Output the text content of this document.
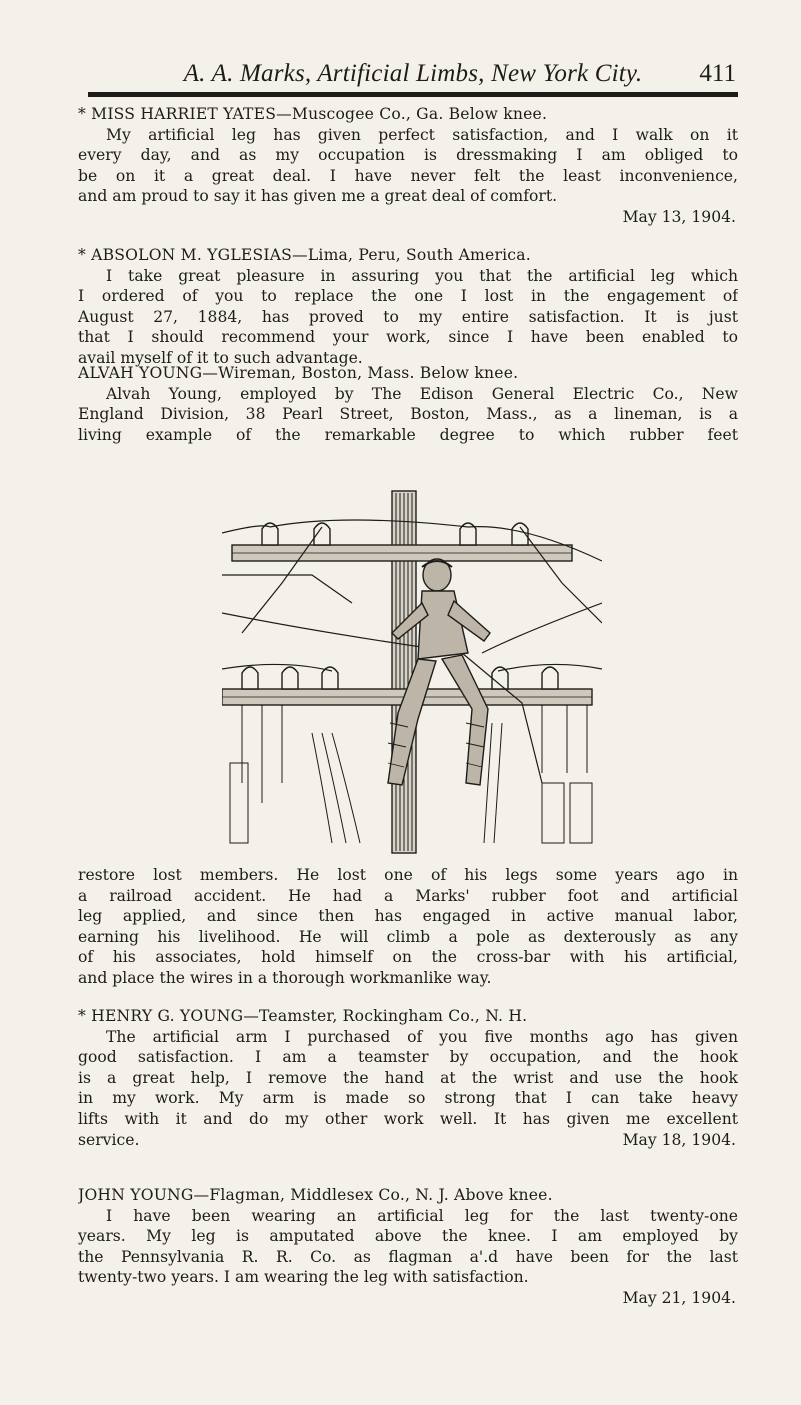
A. A. Marks, Artificial Limbs, New York City.	411
* MISS HARRIET YATES—Muscogee Co., Ga. Below knee.
My artificial leg has given perfect satisfaction, and I walk on it
every day, and as my occupation is dressmaking I am obliged to
be on it a great deal. I have never felt the least inconvenience,
and am proud to say it has given me a great deal of comfort.
May 13, 1904.
* ABSOLON M. YGLESIAS—Lima, Peru, South America.
I take great pleasure in assuring you that the artificial leg which
I ordered of you to replace the one I lost in the engagement of
August 27, 1884, has proved to my entire satisfaction. It is just
that I should recommend your work, since I have been enabled to
avail myself of it to such advantage.
ALVAH YOUNG—Wireman, Boston, Mass. Below knee.
Alvah Young, employed by The Edison General Electric Co., New
England Division, 38 Pearl Street, Boston, Mass., as a lineman, is a
living example of the remarkable degree to which rubber feet
restore lost members. He lost one of his legs some years ago in
a railroad accident. He had a Marks' rubber foot and artificial
leg applied, and since then has engaged in active manual labor,
earning his livelihood. He will climb a pole as dexterously as any
of his associates, hold himself on the cross-bar with his artificial,
and place the wires in a thorough workmanlike way.
* HENRY G. YOUNG—Teamster, Rockingham Co., N. H.
The artificial arm I purchased of you five months ago has given
good satisfaction. I am a teamster by occupation, and the hook
is a great help, I remove the hand at the wrist and use the hook
in my work. My arm is made so strong that I can take heavy
lifts with it and do my other work well. It has given me excellent
service.	May 18, 1904.
JOHN YOUNG—Flagman, Middlesex Co., N. J. Above knee.
I have been wearing an artificial leg for the last twenty-one
years. My leg is amputated above the knee. I am employed by
the Pennsylvania R. R. Co. as flagman a'.d have been for the last
twenty-two years. I am wearing the leg with satisfaction.
May 21, 1904.
